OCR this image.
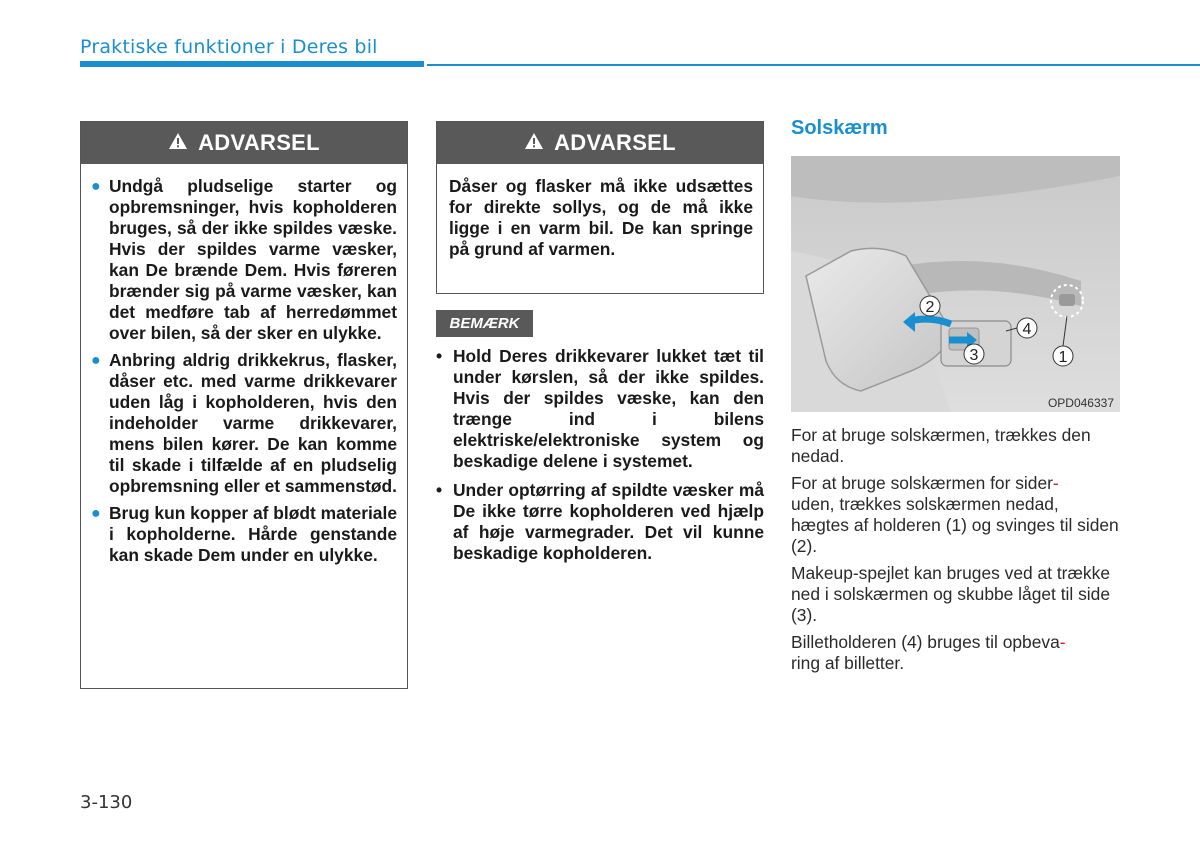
Praktiske funktioner i Deres bil
ADVARSEL
● Undgå pludselige starter og opbremsninger, hvis kopholderen bruges, så der ikke spildes væske. Hvis der spildes varme væsker, kan De brænde Dem. Hvis føreren brænder sig på varme væsker, kan det medføre tab af herredømmet over bilen, så der sker en ulykke.
● Anbring aldrig drikkekrus, flasker, dåser etc. med varme drikkevarer uden låg i kopholderen, hvis den indeholder varme drikkevarer, mens bilen kører. De kan komme til skade i tilfælde af en pludselig opbremsning eller et sammenstød.
● Brug kun kopper af blødt materiale i kopholderne. Hårde genstande kan skade Dem under en ulykke.
ADVARSEL
Dåser og flasker må ikke udsættes for direkte sollys, og de må ikke ligge i en varm bil. De kan springe på grund af varmen.
BEMÆRK
• Hold Deres drikkevarer lukket tæt til under kørslen, så der ikke spildes. Hvis der spildes væske, kan den trænge ind i bilens elektriske/elektroniske system og beskadige delene i systemet.
• Under optørring af spildte væsker må De ikke tørre kopholderen ved hjælp af høje varmegrader. Det vil kunne beskadige kopholderen.
Solskærm
2
3
4
1
OPD046337

For at bruge solskærmen, trækkes den nedad.

For at bruge solskærmen for sider-
uden, trækkes solskærmen nedad, hægtes af holderen (1) og svinges til siden (2).

Makeup-spejlet kan bruges ved at trække ned i solskærmen og skubbe låget til side (3).

Billetholderen (4) bruges til opbeva-
ring af billetter.

3-130
